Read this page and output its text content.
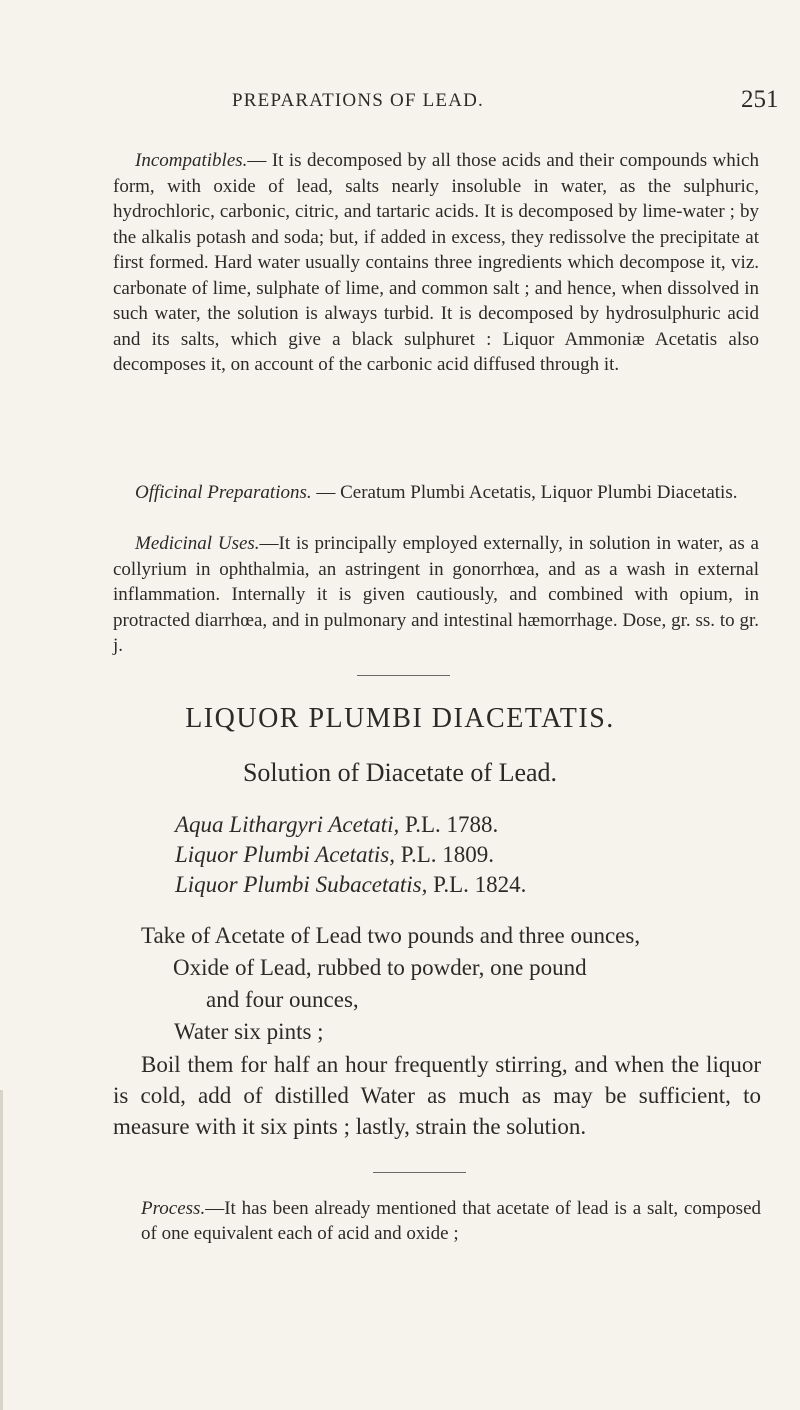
PREPARATIONS OF LEAD.	251

Incompatibles.— It is decomposed by all those acids and their compounds which form, with oxide of lead, salts nearly insoluble in water, as the sulphuric, hydrochloric, carbonic, citric, and tartaric acids. It is decomposed by lime-water ; by the alkalis potash and soda; but, if added in excess, they redissolve the precipitate at first formed. Hard water usually contains three ingredients which decompose it, viz. carbonate of lime, sulphate of lime, and common salt ; and hence, when dissolved in such water, the solution is always turbid. It is decomposed by hydrosulphuric acid and its salts, which give a black sulphuret : Liquor Ammoniæ Acetatis also decomposes it, on account of the carbonic acid diffused through it.

Officinal Preparations. — Ceratum Plumbi Acetatis, Liquor Plumbi Diacetatis.

Medicinal Uses.—It is principally employed externally, in solution in water, as a collyrium in ophthalmia, an astringent in gonorrhœa, and as a wash in external inflammation. Internally it is given cautiously, and combined with opium, in protracted diarrhœa, and in pulmonary and intestinal hæmorrhage. Dose, gr. ss. to gr. j.

LIQUOR PLUMBI DIACETATIS.
Solution of Diacetate of Lead.

Aqua Lithargyri Acetati, P.L. 1788.

Liquor Plumbi Acetatis, P.L. 1809.

Liquor Plumbi Subacetatis, P.L. 1824.

Take of Acetate of Lead two pounds and three ounces,

Oxide of Lead, rubbed to powder, one pound

and four ounces,

Water six pints ;

Boil them for half an hour frequently stirring, and when the liquor is cold, add of distilled Water as much as may be sufficient, to measure with it six pints ; lastly, strain the solution.

Process.—It has been already mentioned that acetate of lead is a salt, composed of one equivalent each of acid and oxide ;
